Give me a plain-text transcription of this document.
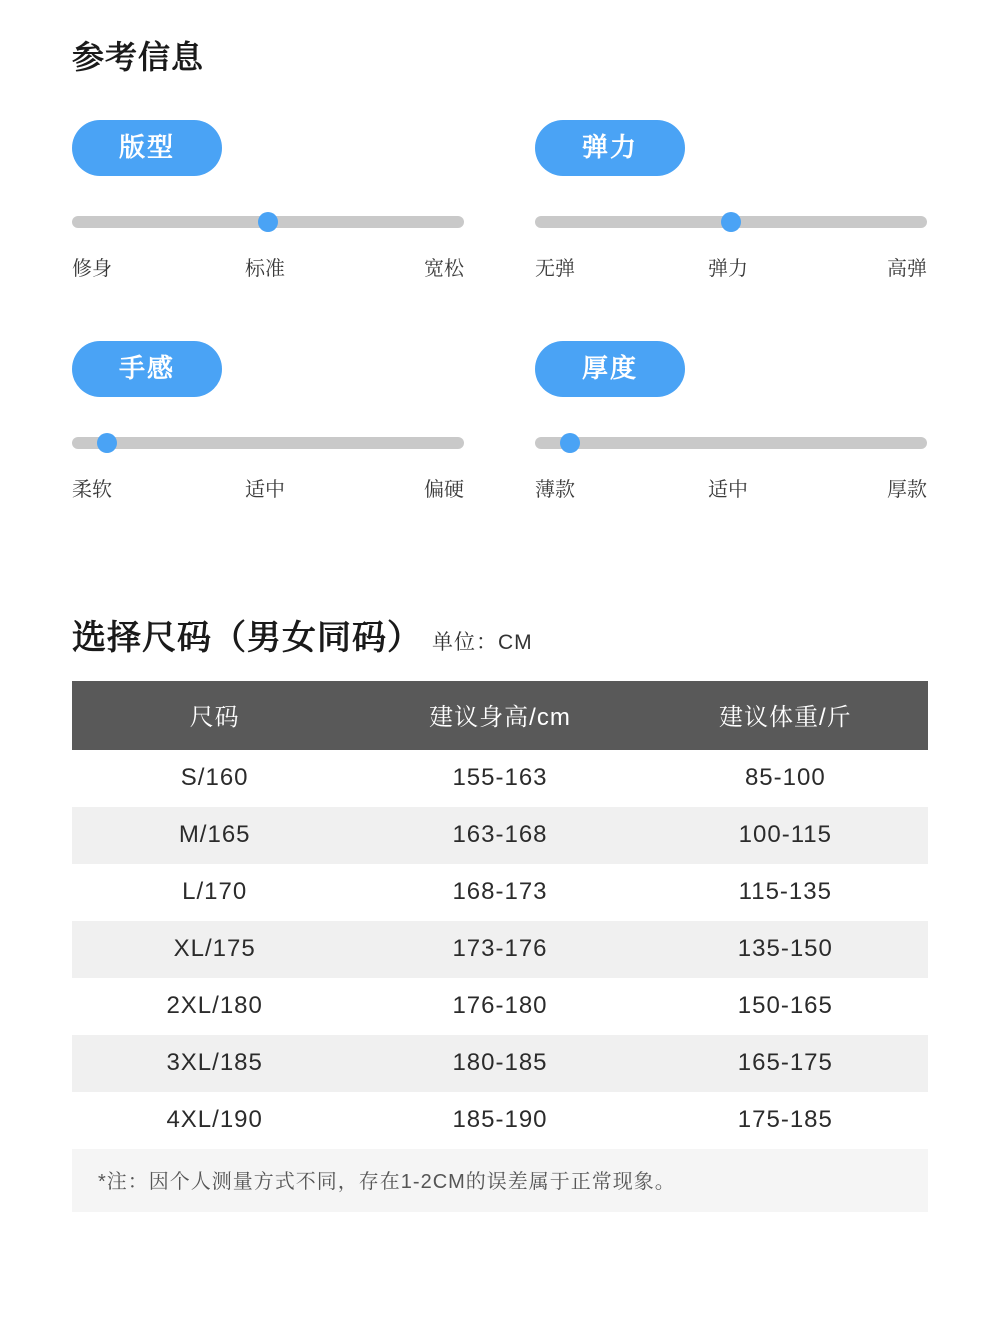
参考信息
版型
修身	标准	宽松
弹力
无弹	弹力	高弹
手感
柔软	适中	偏硬
厚度
薄款	适中	厚款
选择尺码（男女同码） 单位：CM
尺码	建议身高/cm	建议体重/斤
S/160	155-163	85-100
M/165	163-168	100-115
L/170	168-173	115-135
XL/175	173-176	135-150
2XL/180	176-180	150-165
3XL/185	180-185	165-175
4XL/190	185-190	175-185
*注：因个人测量方式不同，存在1-2CM的误差属于正常现象。		
